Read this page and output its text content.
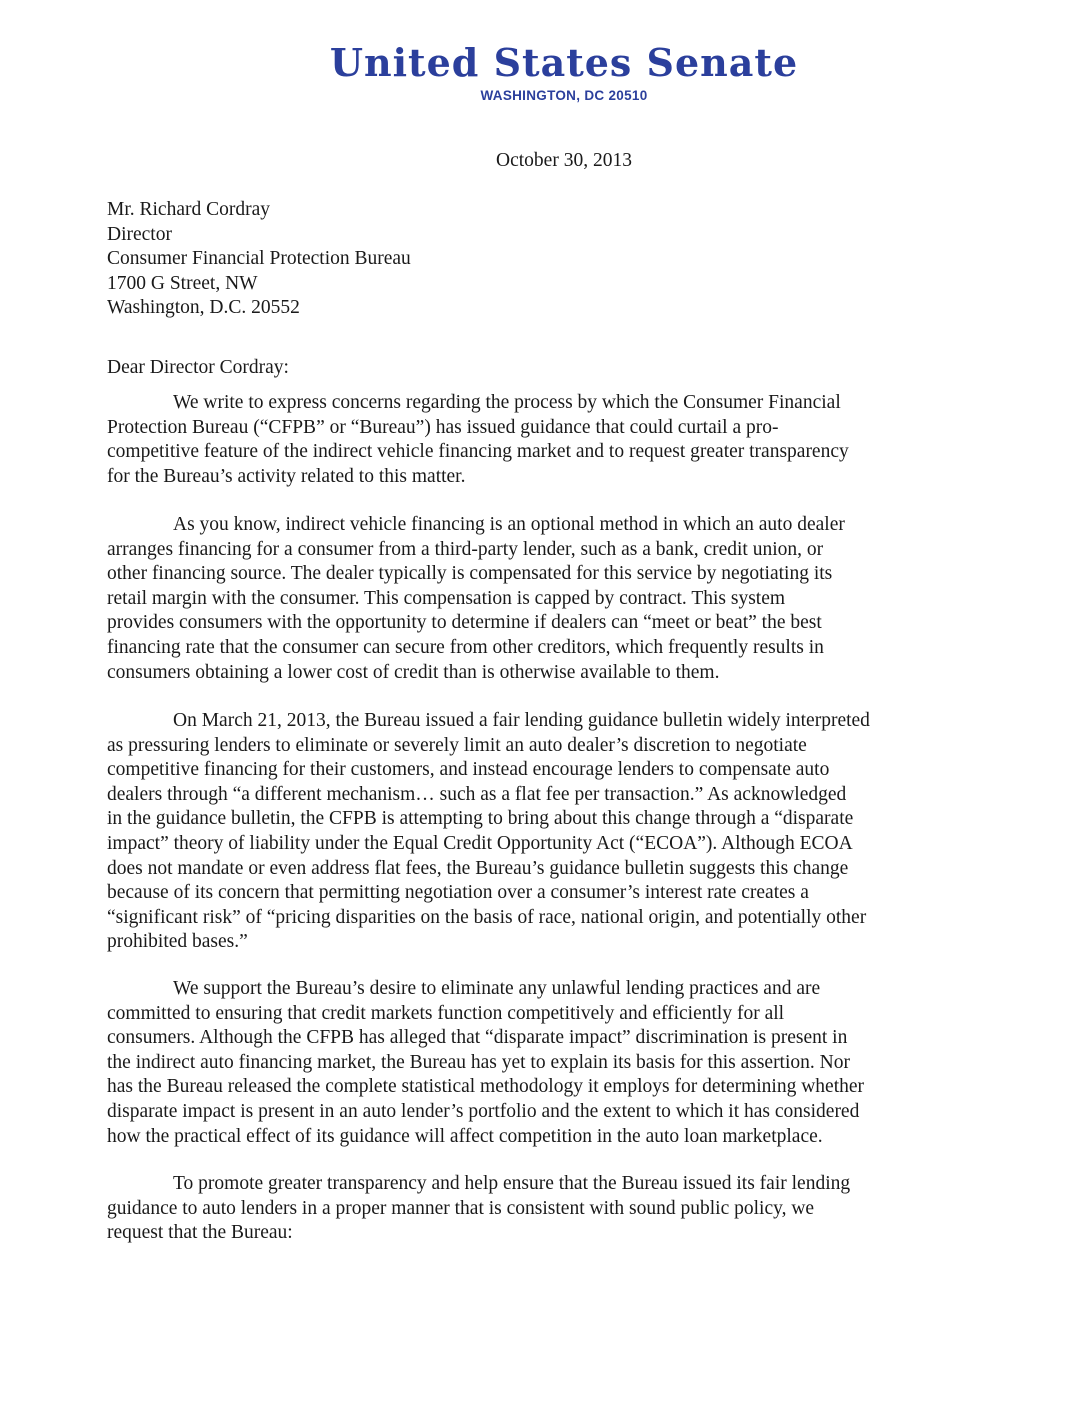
United States Senate
WASHINGTON, DC 20510
October 30, 2013
Mr. Richard Cordray
Director
Consumer Financial Protection Bureau
1700 G Street, NW
Washington, D.C. 20552
Dear Director Cordray:
We write to express concerns regarding the process by which the Consumer Financial
Protection Bureau (“CFPB” or “Bureau”) has issued guidance that could curtail a pro-
competitive feature of the indirect vehicle financing market and to request greater transparency
for the Bureau’s activity related to this matter.
As you know, indirect vehicle financing is an optional method in which an auto dealer
arranges financing for a consumer from a third-party lender, such as a bank, credit union, or
other financing source. The dealer typically is compensated for this service by negotiating its
retail margin with the consumer. This compensation is capped by contract. This system
provides consumers with the opportunity to determine if dealers can “meet or beat” the best
financing rate that the consumer can secure from other creditors, which frequently results in
consumers obtaining a lower cost of credit than is otherwise available to them.
On March 21, 2013, the Bureau issued a fair lending guidance bulletin widely interpreted
as pressuring lenders to eliminate or severely limit an auto dealer’s discretion to negotiate
competitive financing for their customers, and instead encourage lenders to compensate auto
dealers through “a different mechanism… such as a flat fee per transaction.” As acknowledged
in the guidance bulletin, the CFPB is attempting to bring about this change through a “disparate
impact” theory of liability under the Equal Credit Opportunity Act (“ECOA”). Although ECOA
does not mandate or even address flat fees, the Bureau’s guidance bulletin suggests this change
because of its concern that permitting negotiation over a consumer’s interest rate creates a
“significant risk” of “pricing disparities on the basis of race, national origin, and potentially other
prohibited bases.”
We support the Bureau’s desire to eliminate any unlawful lending practices and are
committed to ensuring that credit markets function competitively and efficiently for all
consumers. Although the CFPB has alleged that “disparate impact” discrimination is present in
the indirect auto financing market, the Bureau has yet to explain its basis for this assertion. Nor
has the Bureau released the complete statistical methodology it employs for determining whether
disparate impact is present in an auto lender’s portfolio and the extent to which it has considered
how the practical effect of its guidance will affect competition in the auto loan marketplace.
To promote greater transparency and help ensure that the Bureau issued its fair lending
guidance to auto lenders in a proper manner that is consistent with sound public policy, we
request that the Bureau:
